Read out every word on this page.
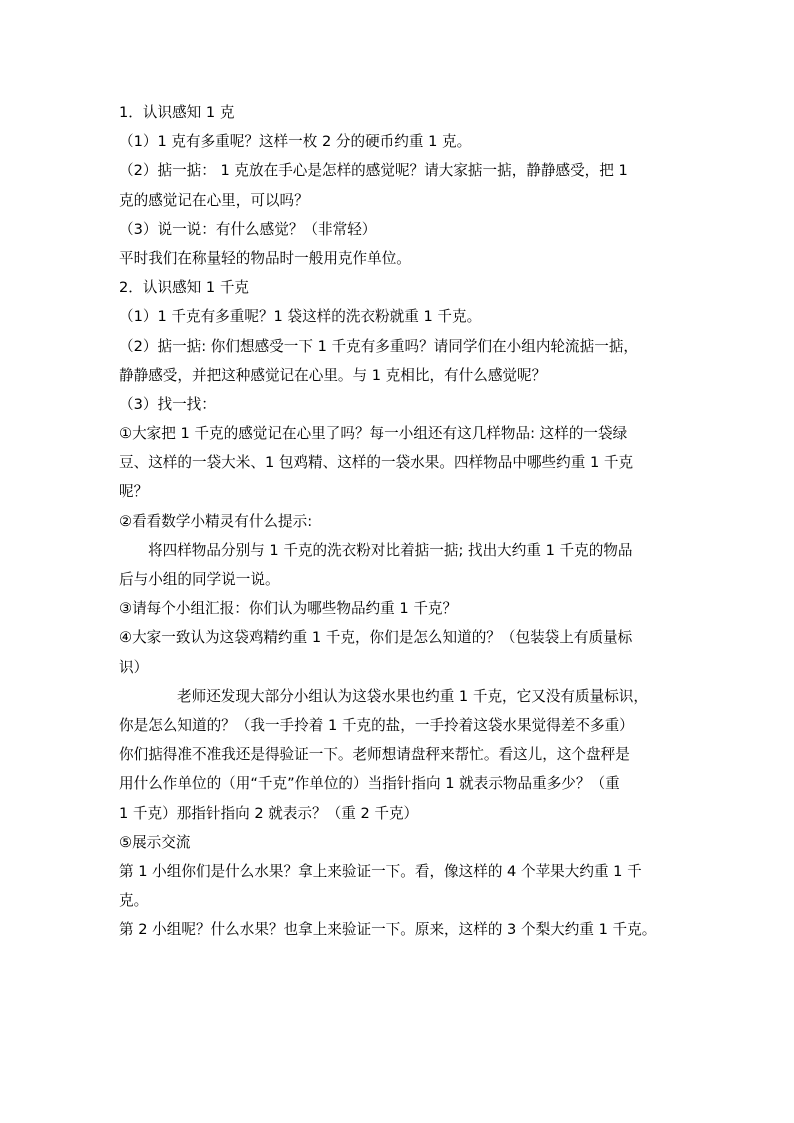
1．认识感知 1 克
（1）1 克有多重呢？这样一枚 2 分的硬币约重 1 克。
（2）掂一掂： 1 克放在手心是怎样的感觉呢？请大家掂一掂，静静感受，把 1
克的感觉记在心里，可以吗？
（3）说一说：有什么感觉？（非常轻）
平时我们在称量轻的物品时一般用克作单位。
2．认识感知 1 千克
（1）1 千克有多重呢？1 袋这样的洗衣粉就重 1 千克。
（2）掂一掂: 你们想感受一下 1 千克有多重吗？请同学们在小组内轮流掂一掂，
静静感受，并把这种感觉记在心里。与 1 克相比，有什么感觉呢？
（3）找一找：
①大家把 1 千克的感觉记在心里了吗？每一小组还有这几样物品: 这样的一袋绿
豆、这样的一袋大米、1 包鸡精、这样的一袋水果。四样物品中哪些约重 1 千克
呢？
②看看数学小精灵有什么提示:
将四样物品分别与 1 千克的洗衣粉对比着掂一掂; 找出大约重 1 千克的物品
后与小组的同学说一说。
③请每个小组汇报：你们认为哪些物品约重 1 千克？
④大家一致认为这袋鸡精约重 1 千克，你们是怎么知道的？（包装袋上有质量标
识）
老师还发现大部分小组认为这袋水果也约重 1 千克，它又没有质量标识，
你是怎么知道的？（我一手拎着 1 千克的盐，一手拎着这袋水果觉得差不多重）
你们掂得准不准我还是得验证一下。老师想请盘秤来帮忙。看这儿，这个盘秤是
用什么作单位的（用“千克”作单位的）当指针指向 1 就表示物品重多少？（重
1 千克）那指针指向 2 就表示？（重 2 千克）
⑤展示交流
第 1 小组你们是什么水果？拿上来验证一下。看，像这样的 4 个苹果大约重 1 千
克。
第 2 小组呢？什么水果？也拿上来验证一下。原来，这样的 3 个梨大约重 1 千克。
